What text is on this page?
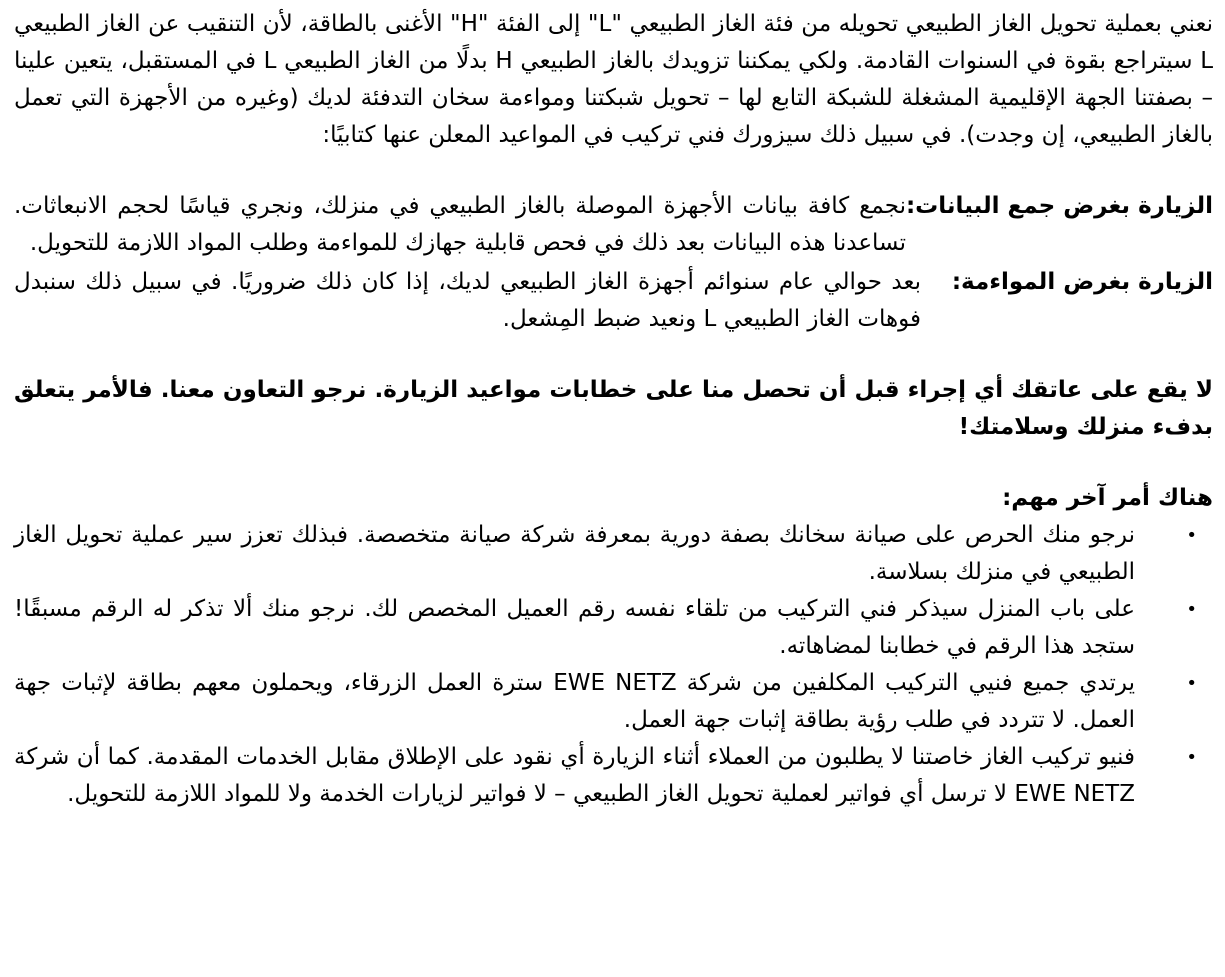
نعني بعملية تحويل الغاز الطبيعي تحويله من فئة الغاز الطبيعي "L" إلى الفئة "H" الأغنى بالطاقة، لأن التنقيب عن الغاز الطبيعي L سيتراجع بقوة في السنوات القادمة. ولكي يمكننا تزويدك بالغاز الطبيعي H بدلًا من الغاز الطبيعي L في المستقبل، يتعين علينا – بصفتنا الجهة الإقليمية المشغلة للشبكة التابع لها – تحويل شبكتنا ومواءمة سخان التدفئة لديك (وغيره من الأجهزة التي تعمل بالغاز الطبيعي، إن وجدت). في سبيل ذلك سيزورك فني تركيب في المواعيد المعلن عنها كتابيًا:

الزيارة بغرض جمع البيانات:
نجمع كافة بيانات الأجهزة الموصلة بالغاز الطبيعي في منزلك، ونجري قياسًا لحجم الانبعاثات. تساعدنا هذه البيانات بعد ذلك في فحص قابلية جهازك للمواءمة وطلب المواد اللازمة للتحويل.
الزيارة بغرض المواءمة:
بعد حوالي عام سنوائم أجهزة الغاز الطبيعي لديك، إذا كان ذلك ضروريًا. في سبيل ذلك سنبدل فوهات الغاز الطبيعي L ونعيد ضبط المِشعل.

لا يقع على عاتقك أي إجراء قبل أن تحصل منا على خطابات مواعيد الزيارة. نرجو التعاون معنا. فالأمر يتعلق بدفء منزلك وسلامتك!

هناك أمر آخر مهم:
•
نرجو منك الحرص على صيانة سخانك بصفة دورية بمعرفة شركة صيانة متخصصة. فبذلك تعزز سير عملية تحويل الغاز الطبيعي في منزلك بسلاسة.
•
على باب المنزل سيذكر فني التركيب من تلقاء نفسه رقم العميل المخصص لك. نرجو منك ألا تذكر له الرقم مسبقًا! ستجد هذا الرقم في خطابنا لمضاهاته.
•
يرتدي جميع فنيي التركيب المكلفين من شركة EWE NETZ سترة العمل الزرقاء، ويحملون معهم بطاقة لإثبات جهة العمل. لا تتردد في طلب رؤية بطاقة إثبات جهة العمل.
•
فنيو تركيب الغاز خاصتنا لا يطلبون من العملاء أثناء الزيارة أي نقود على الإطلاق مقابل الخدمات المقدمة. كما أن شركة EWE NETZ لا ترسل أي فواتير لعملية تحويل الغاز الطبيعي – لا فواتير لزيارات الخدمة ولا للمواد اللازمة للتحويل.
